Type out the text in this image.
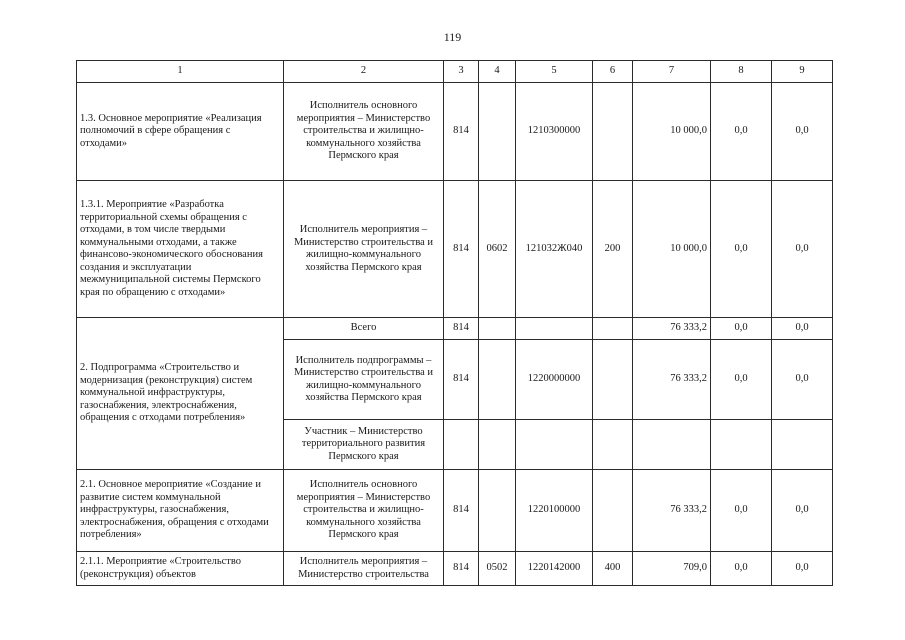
119
1	2	3	4	5	6	7	8	9
1.3. Основное мероприятие «Реализация полномочий в сфере обращения с отходами»	Исполнитель основного мероприятия – Министерство строительства и жилищно-коммунального хозяйства Пермского края	814		1210300000		10 000,0	0,0	0,0
1.3.1. Мероприятие «Разработка территориальной схемы обращения с отходами, в том числе твердыми коммунальными отходами, а также финансово-экономического обоснования создания и эксплуатации межмуниципальной системы Пермского края по обращению с отходами»	Исполнитель мероприятия – Министерство строительства и жилищно-коммунального хозяйства Пермского края	814	0602	121032Ж040	200	10 000,0	0,0	0,0
2. Подпрограмма «Строительство и модернизация (реконструкция) систем коммунальной инфраструктуры, газоснабжения, электроснабжения, обращения с отходами потребления»	Всего	814				76 333,2	0,0	0,0
	Исполнитель подпрограммы – Министерство строительства и жилищно-коммунального хозяйства Пермского края	814		1220000000		76 333,2	0,0	0,0
	Участник – Министерство территориального развития Пермского края							
2.1. Основное мероприятие «Создание и развитие систем коммунальной инфраструктуры, газоснабжения, электроснабжения, обращения с отходами потребления»	Исполнитель основного мероприятия – Министерство строительства и жилищно-коммунального хозяйства Пермского края	814		1220100000		76 333,2	0,0	0,0
2.1.1. Мероприятие «Строительство (реконструкция) объектов	Исполнитель мероприятия – Министерство строительства	814	0502	1220142000	400	709,0	0,0	0,0
